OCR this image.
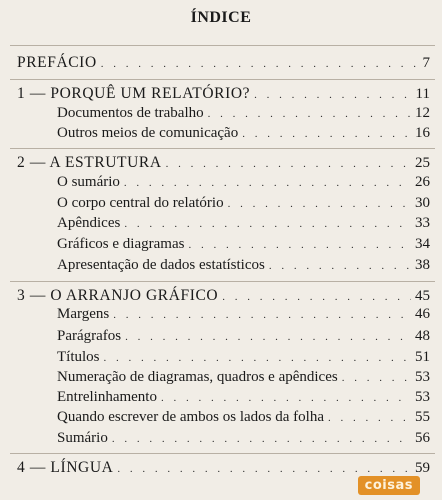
ÍNDICE
PREFÁCIO . . .	7
1 — PORQUÊ UM RELATÓRIO? . . .	11
Documentos de trabalho . . .	12
Outros meios de comunicação . . .	16
2 — A ESTRUTURA . . .	25
O sumário . . .	26
O corpo central do relatório . . .	30
Apêndices . . .	33
Gráficos e diagramas . . .	34
Apresentação de dados estatísticos . . .	38
3 — O ARRANJO GRÁFICO . . .	45
Margens . . .	46
Parágrafos . . .	48
Títulos . . .	51
Numeração de diagramas, quadros e apêndices . . .	53
Entrelinhamento . . .	53
Quando escrever de ambos os lados da folha . . .	55
Sumário . . .	56
4 — LÍNGUA . . .	59
coisas
